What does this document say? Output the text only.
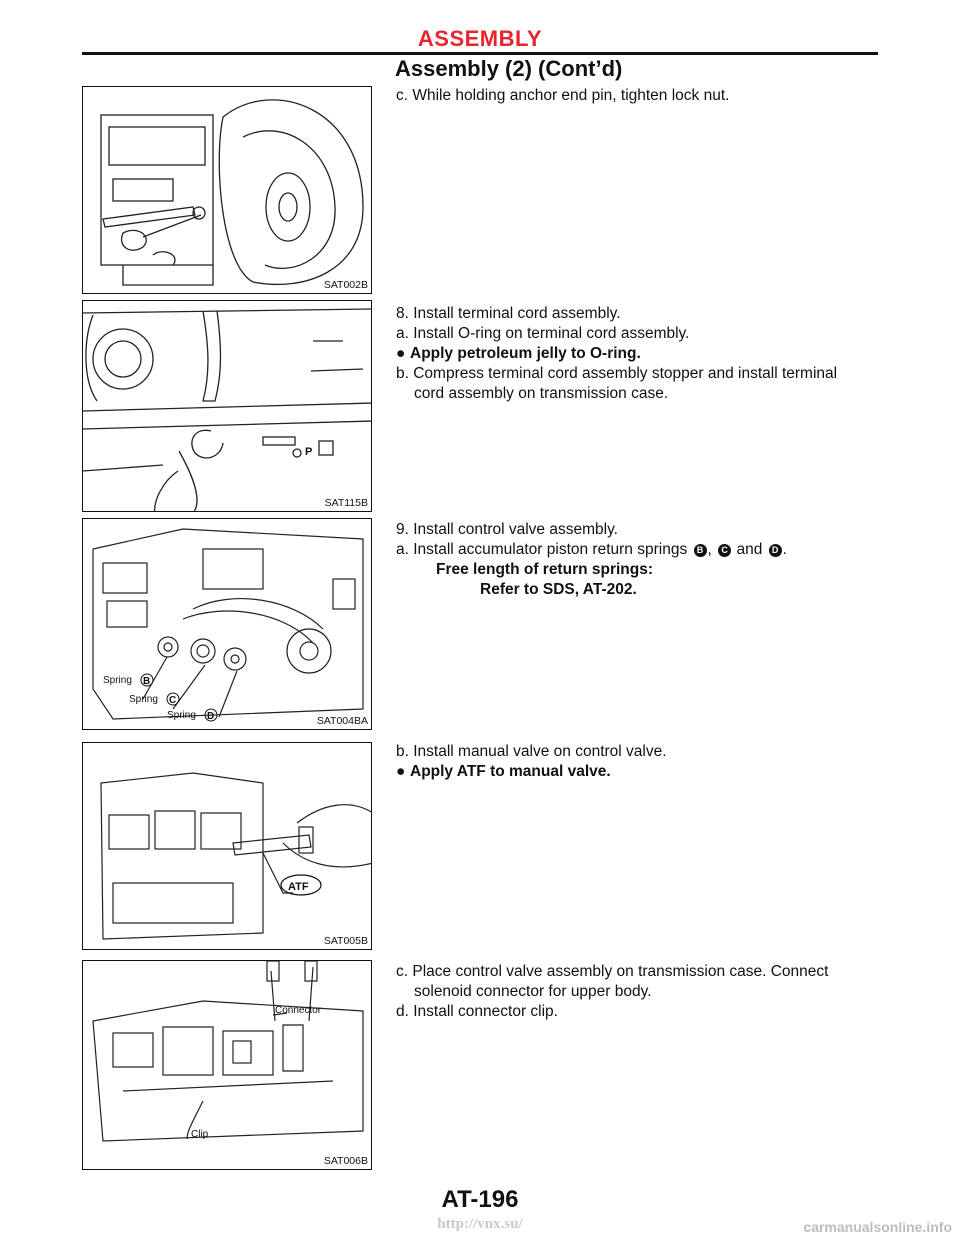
ASSEMBLY
Assembly (2) (Cont’d)
SAT002B
P
SAT115B
Spring B
Spring C
Spring D	SAT004BA
ATF
SAT005B
Connector
Clip
SAT006B
c. While holding anchor end pin, tighten lock nut.
8. Install terminal cord assembly.
a. Install O-ring on terminal cord assembly.
● Apply petroleum jelly to O-ring.
b. Compress terminal cord assembly stopper and install terminal
cord assembly on transmission case.
9. Install control valve assembly.
a. Install accumulator piston return springs B , C and D .
Free length of return springs:
Refer to SDS, AT-202.
b. Install manual valve on control valve.
● Apply ATF to manual valve.
c. Place control valve assembly on transmission case. Connect
solenoid connector for upper body.
d. Install connector clip.
AT-196
http://vnx.su/	carmanualsonline.info
